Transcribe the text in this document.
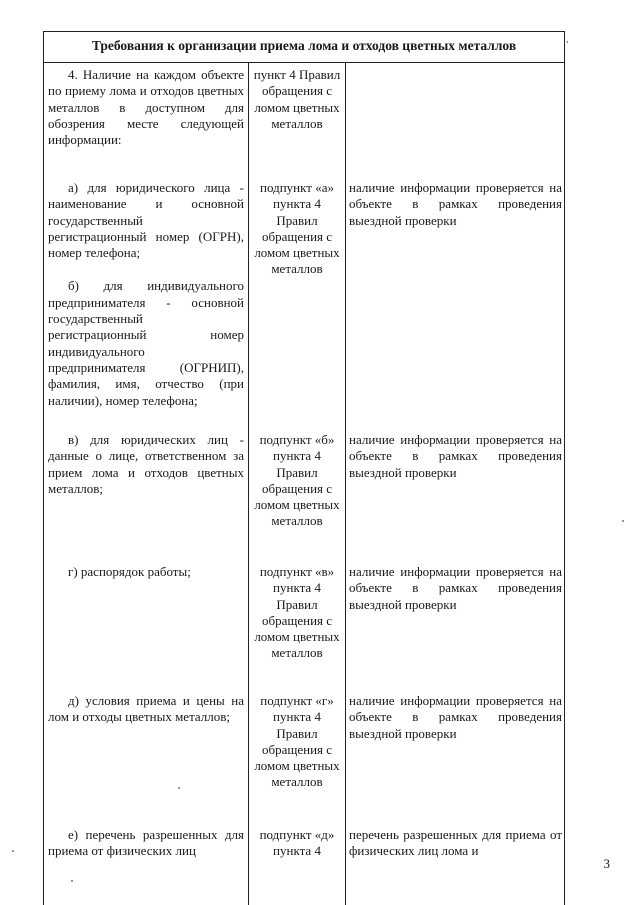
Требования к организации приема лома и отходов цветных металлов	'

4. Наличие на каждом объекте по приему лома и отходов цветных металлов в доступном для обозрения месте следующей информации:

пункт 4 Правил обращения с ломом цветных металлов

а) для юридического лица - наименование и основной государственный регистрационный номер (ОГРН), номер телефона;

б) для индивидуального предпринимателя - основной государственный регистрационный номер индивидуального предпринимателя (ОГРНИП), фамилия, имя, отчество (при наличии), номер телефона;

подпункт «а» пункта 4 Правил обращения с ломом цветных металлов
наличие информации проверяется на объекте в рамках проведения выездной проверки

в) для юридических лиц - данные о лице, ответственном за прием лома и отходов цветных металлов;

подпункт «б» пункта 4 Правил обращения с ломом цветных металлов
наличие информации проверяется на объекте в рамках проведения выездной проверки

г) распорядок работы;	подпункт «в» пункта 4 Правил обращения с ломом цветных металлов
наличие информации проверяется на объекте в рамках проведения выездной проверки

д) условия приема и цены на лом и отходы цветных металлов;

подпункт «г» пункта 4 Правил обращения с ломом цветных металлов
наличие информации проверяется на объекте в рамках проведения выездной проверки

е) перечень разрешенных для приема от физических лиц

подпункт «д» пункта 4
перечень разрешенных для приема от физических лиц лома и
3
